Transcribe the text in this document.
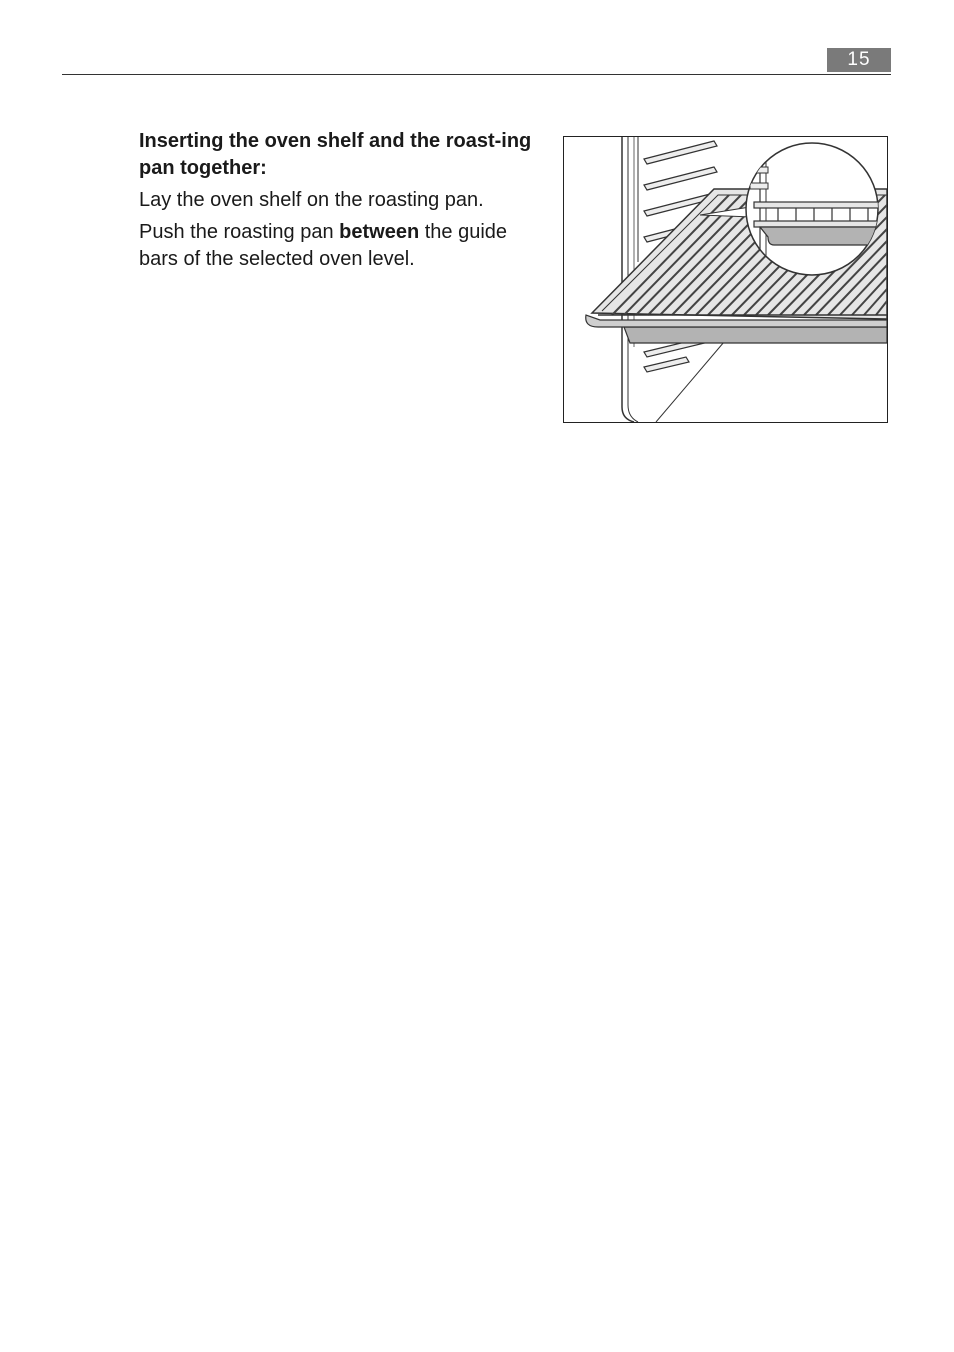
15

Inserting the oven shelf and the roast-ing pan together:

Lay the oven shelf on the roasting pan.

Push the roasting pan between the guide bars of the selected oven level.
